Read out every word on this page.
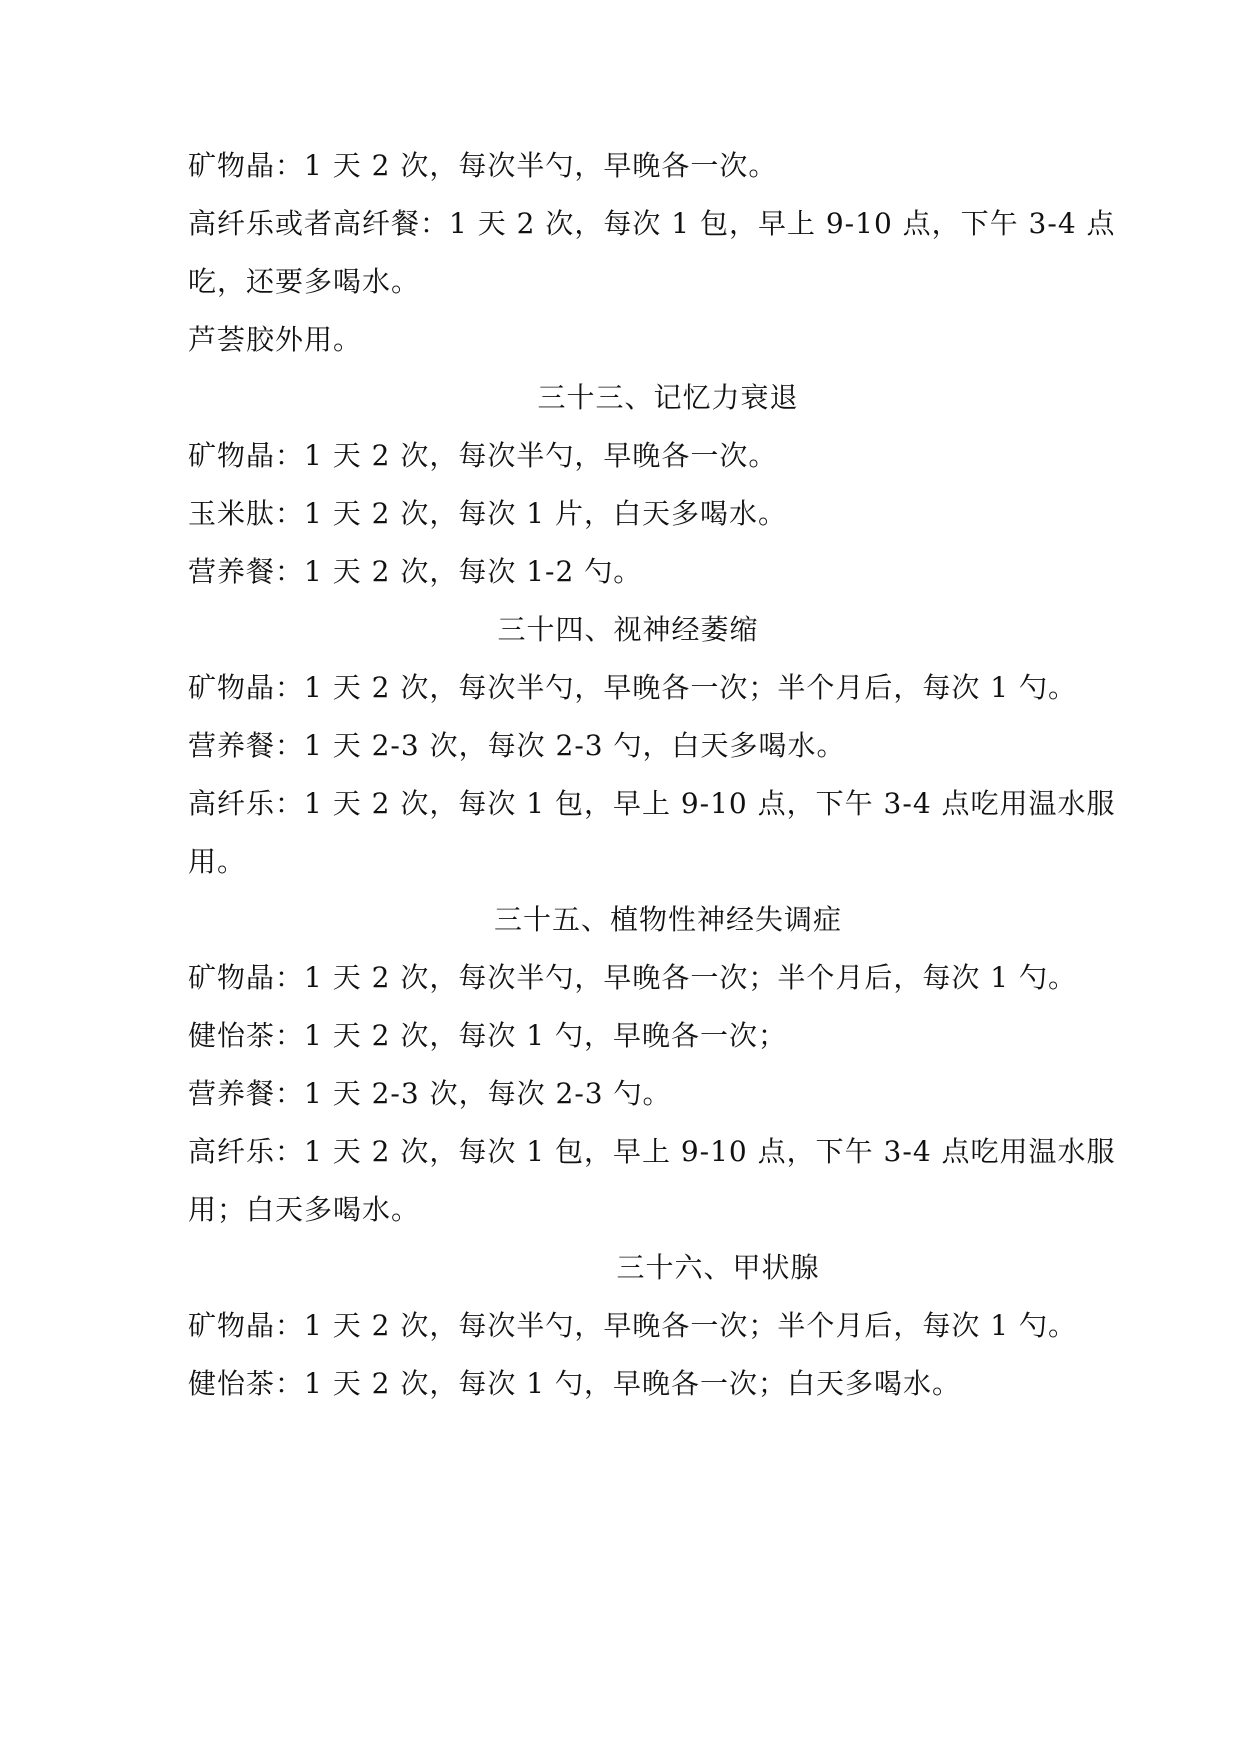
矿物晶：1 天 2 次，每次半勺，早晚各一次。
高纤乐或者高纤餐：1 天 2 次，每次 1 包，早上 9-10 点，下午 3-4 点
吃，还要多喝水。
芦荟胶外用。
三十三、记忆力衰退
矿物晶：1 天 2 次，每次半勺，早晚各一次。
玉米肽：1 天 2 次，每次 1 片，白天多喝水。
营养餐：1 天 2 次，每次 1-2 勺。
三十四、视神经萎缩
矿物晶：1 天 2 次，每次半勺，早晚各一次；半个月后，每次 1 勺。
营养餐：1 天 2-3 次，每次 2-3 勺，白天多喝水。
高纤乐：1 天 2 次，每次 1 包，早上 9-10 点，下午 3-4 点吃用温水服
用。
三十五、植物性神经失调症
矿物晶：1 天 2 次，每次半勺，早晚各一次；半个月后，每次 1 勺。
健怡茶：1 天 2 次，每次 1 勺，早晚各一次；
营养餐：1 天 2-3 次，每次 2-3 勺。
高纤乐：1 天 2 次，每次 1 包，早上 9-10 点，下午 3-4 点吃用温水服
用；白天多喝水。
三十六、甲状腺
矿物晶：1 天 2 次，每次半勺，早晚各一次；半个月后，每次 1 勺。
健怡茶：1 天 2 次，每次 1 勺，早晚各一次；白天多喝水。
